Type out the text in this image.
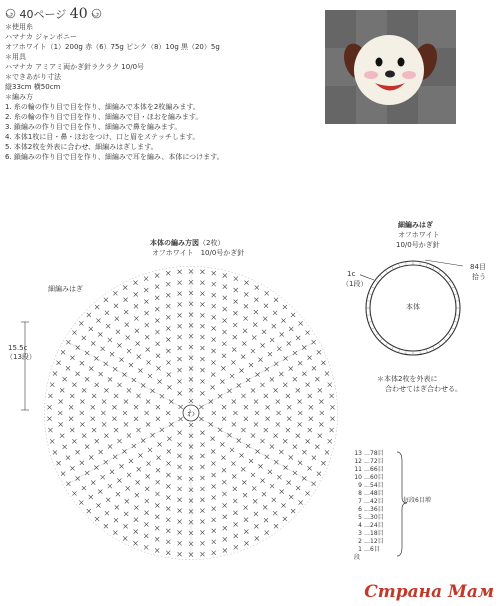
40ページ 40
＊使用糸
ハマナカ ジャンボニー
オフホワイト（1）200g 赤（6）75g ピンク（8）10g 黒（20）5g
＊用具
ハマナカ アミアミ両かぎ針ラクラク 10/0号
＊できあがり寸法
縦33cm 横50cm
＊編み方
1. 糸の輪の作り目で目を作り、細編みで本体を2枚編みます。
2. 糸の輪の作り目で目を作り、細編みで目・ほおを編みます。
3. 鎖編みの作り目で目を作り、細編みで鼻を編みます。
4. 本体1枚に目・鼻・ほおをつけ、口と眉をステッチします。
5. 本体2枚を外表に合わせ、細編みはぎします。
6. 鎖編みの作り目で目を作り、細編みで耳を編み、本体につけます。
本体の編み方図（2枚）
オフホワイト　10/0号かぎ針
細編みはぎ
15.5c
（13段）
わ
細編みはぎ
オフホワイト
10/0号かぎ針
1c
（1段）
84目
拾う
本体
＊本体2枚を外表に
合わせてはぎ合わせる。
13 …78目
12 …72目
11 …66目
10 …60目
9 …54目
8 …48目
7 …42目
6 …36目
5 …30目
4 …24目
3 …18目
2 …12目
1 …6目
段
毎段6目増
Страна Мам
